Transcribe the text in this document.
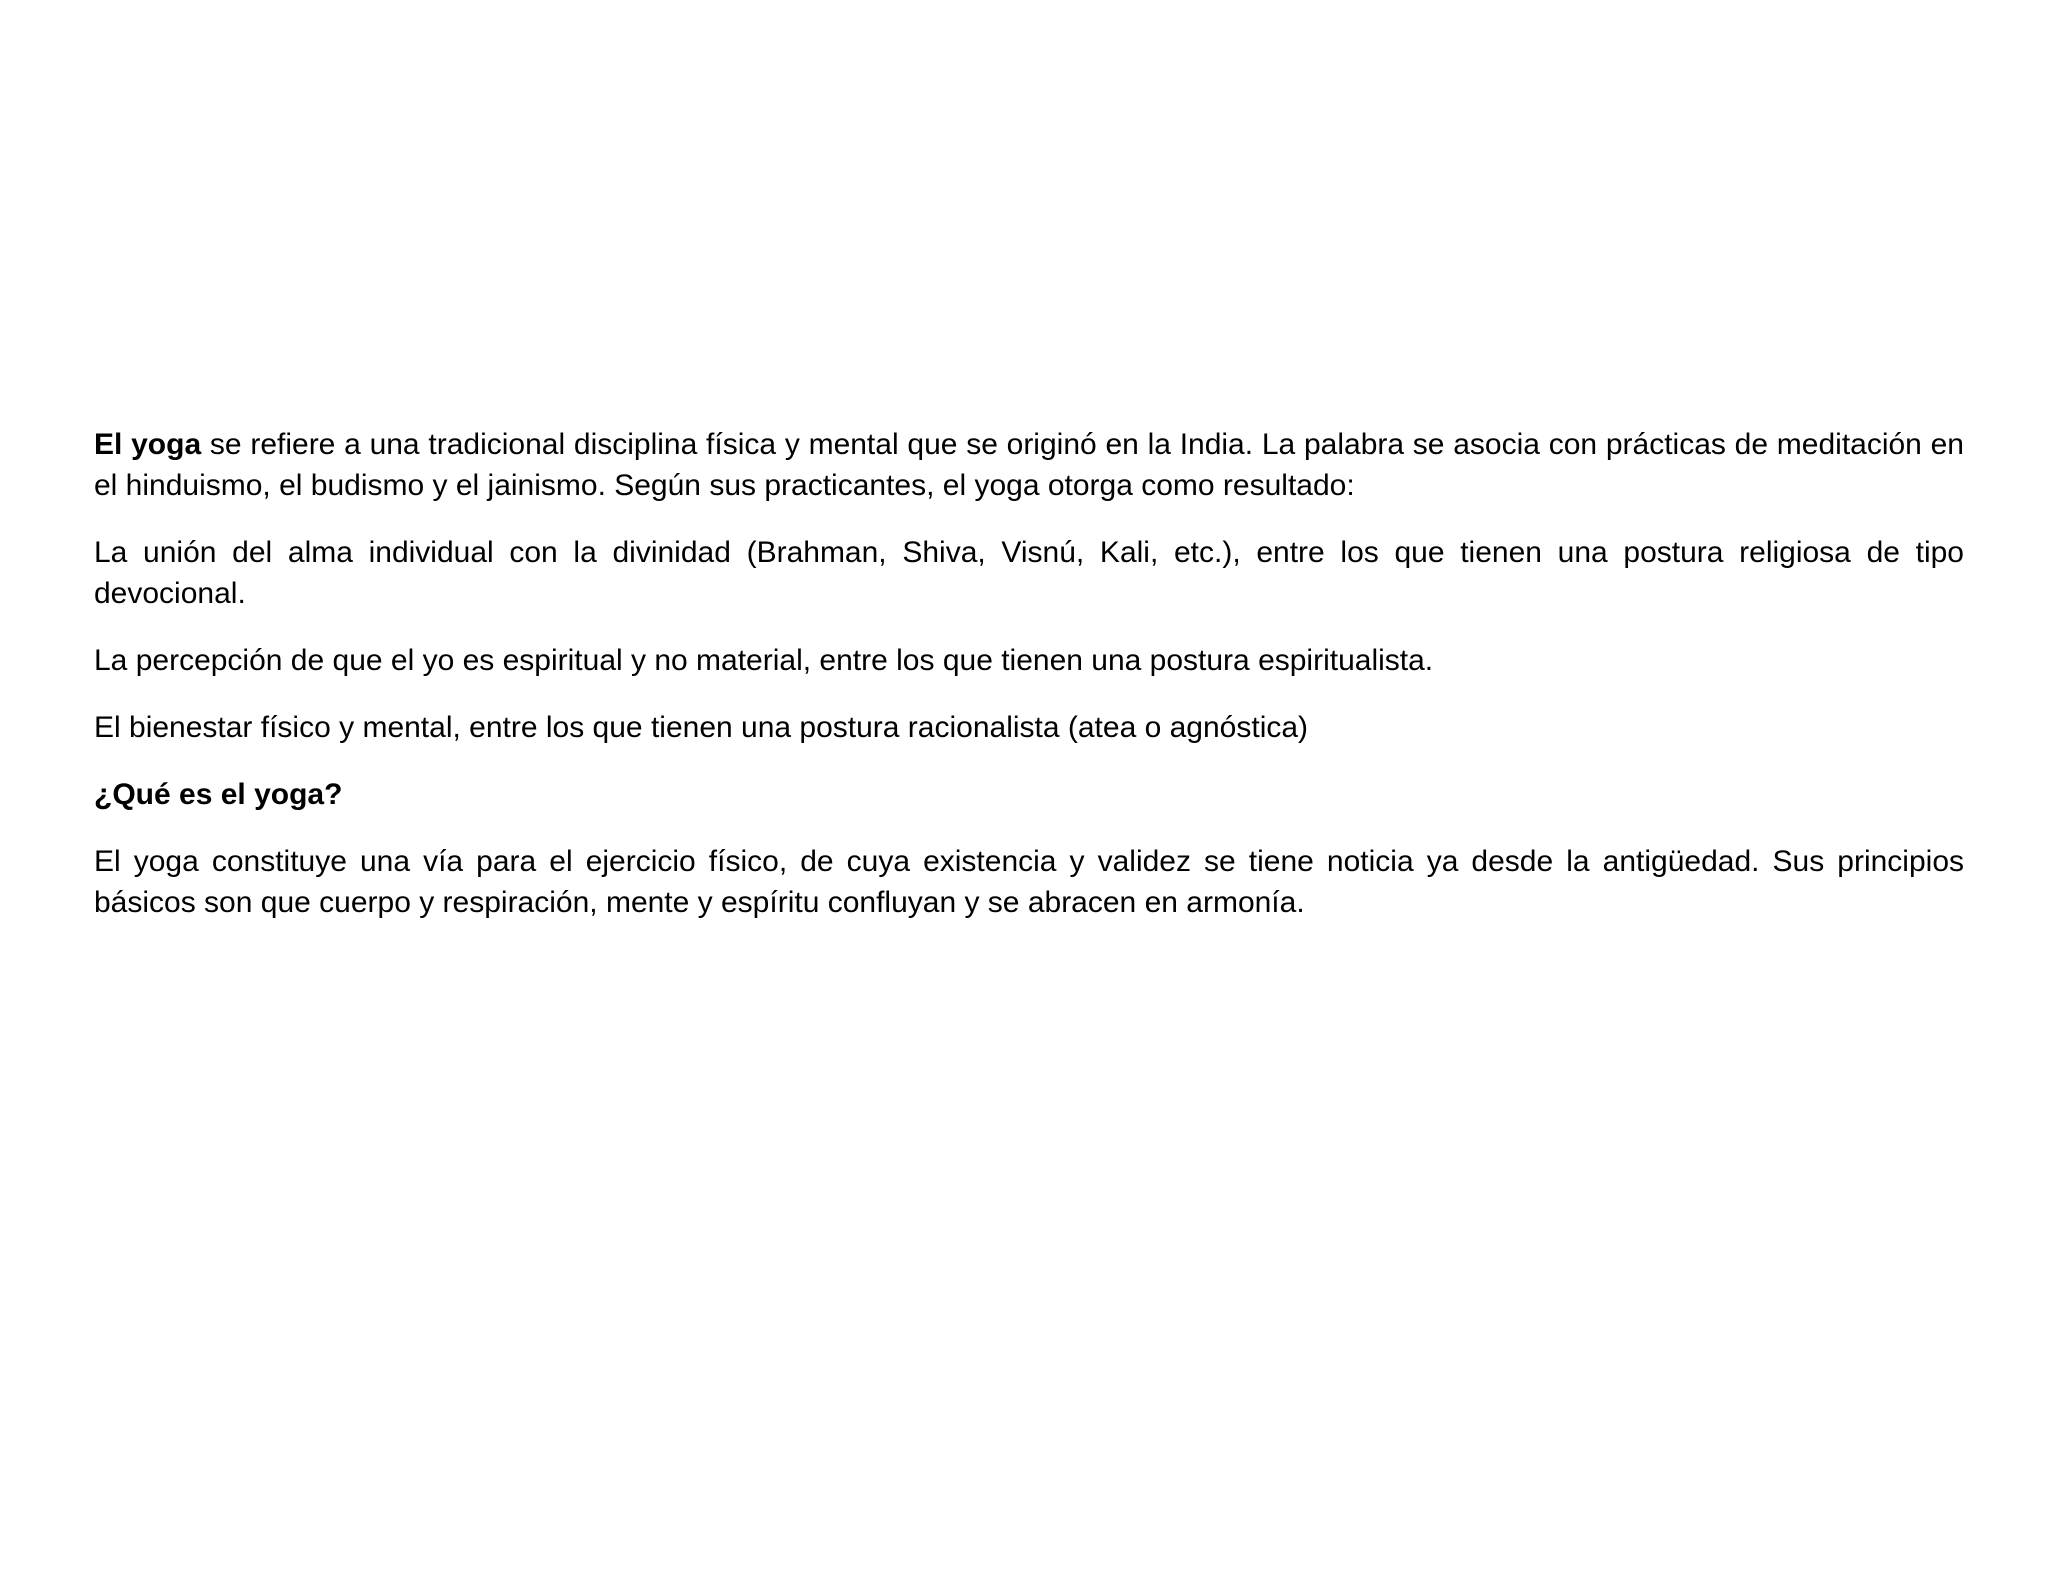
El yoga se refiere a una tradicional disciplina física y mental que se originó en la India. La palabra se asocia con prácticas de meditación en el hinduismo, el budismo y el jainismo. Según sus practicantes, el yoga otorga como resultado:

La unión del alma individual con la divinidad (Brahman, Shiva, Visnú, Kali, etc.), entre los que tienen una postura religiosa de tipo devocional.

La percepción de que el yo es espiritual y no material, entre los que tienen una postura espiritualista.

El bienestar físico y mental, entre los que tienen una postura racionalista (atea o agnóstica)

¿Qué es el yoga?

El yoga constituye una vía para el ejercicio físico, de cuya existencia y validez se tiene noticia ya desde la antigüedad. Sus principios básicos son que cuerpo y respiración, mente y espíritu confluyan y se abracen en armonía.
